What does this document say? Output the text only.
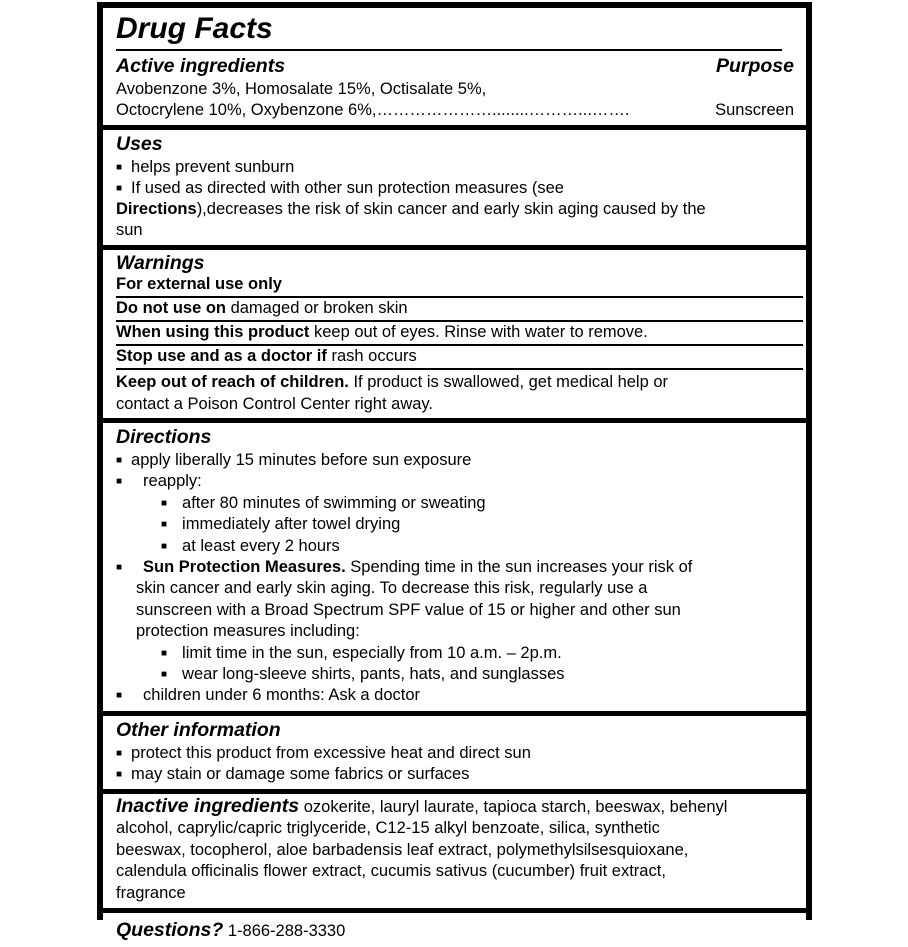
Drug Facts
Active ingredients	Purpose
Avobenzone 3%, Homosalate 15%, Octisalate 5%,
Octocrylene 10%, Oxybenzone 6%, …………………........………...…….	Sunscreen
Uses
■ helps prevent sunburn
■ If used as directed with other sun protection measures (see
Directions),decreases the risk of skin cancer and early skin aging caused by the
sun
Warnings
For external use only
Do not use on damaged or broken skin
When using this product keep out of eyes. Rinse with water to remove.
Stop use and as a doctor if rash occurs
Keep out of reach of children. If product is swallowed, get medical help or
contact a Poison Control Center right away.
Directions
■ apply liberally 15 minutes before sun exposure
■ reapply:
■ after 80 minutes of swimming or sweating
■ immediately after towel drying
■ at least every 2 hours
■ Sun Protection Measures. Spending time in the sun increases your risk of
skin cancer and early skin aging. To decrease this risk, regularly use a
sunscreen with a Broad Spectrum SPF value of 15 or higher and other sun
protection measures including:
■ limit time in the sun, especially from 10 a.m. – 2p.m.
■ wear long-sleeve shirts, pants, hats, and sunglasses
■ children under 6 months: Ask a doctor
Other information
■ protect this product from excessive heat and direct sun
■ may stain or damage some fabrics or surfaces
Inactive ingredients ozokerite, lauryl laurate, tapioca starch, beeswax, behenyl
alcohol, caprylic/capric triglyceride, C12-15 alkyl benzoate, silica, synthetic
beeswax, tocopherol, aloe barbadensis leaf extract, polymethylsilsesquioxane,
calendula officinalis flower extract, cucumis sativus (cucumber) fruit extract,
fragrance
Questions? 1-866-288-3330
